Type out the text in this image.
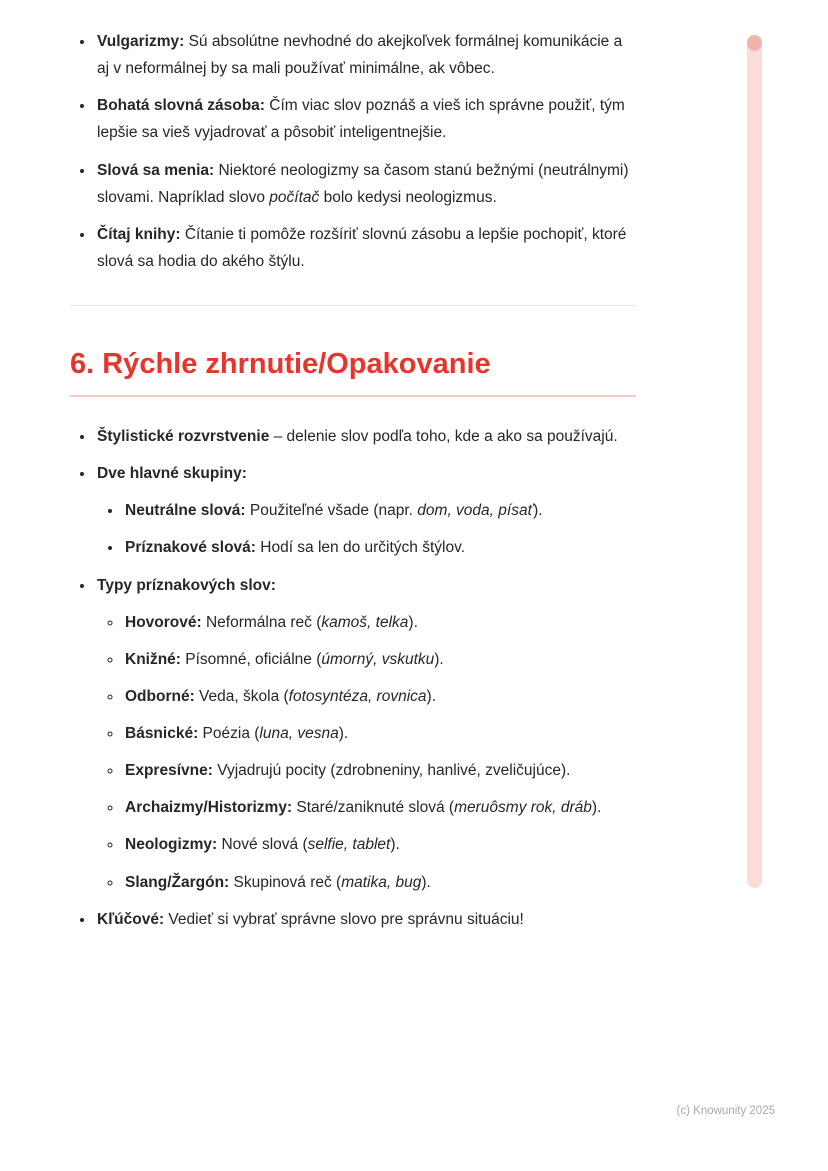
• Vulgarizmy: Sú absolútne nevhodné do akejkoľvek formálnej komunikácie a aj v neformálnej by sa mali používať minimálne, ak vôbec.
• Bohatá slovná zásoba: Čím viac slov poznáš a vieš ich správne použiť, tým lepšie sa vieš vyjadrovať a pôsobiť inteligentnejšie.
• Slová sa menia: Niektoré neologizmy sa časom stanú bežnými (neutrálnymi) slovami. Napríklad slovo počítač bolo kedysi neologizmus.
• Čítaj knihy: Čítanie ti pomôže rozšíriť slovnú zásobu a lepšie pochopiť, ktoré slová sa hodia do akého štýlu.
6. Rýchle zhrnutie/Opakovanie
• Štylistické rozvrstvenie – delenie slov podľa toho, kde a ako sa používajú.
• Dve hlavné skupiny:
• Neutrálne slová: Použiteľné všade (napr. dom, voda, písať).
• Príznakové slová: Hodí sa len do určitých štýlov.
• Typy príznakových slov:
◦ Hovorové: Neformálna reč (kamoš, telka).
◦ Knižné: Písomné, oficiálne (úmorný, vskutku).
◦ Odborné: Veda, škola (fotosyntéza, rovnica).
◦ Básnické: Poézia (luna, vesna).
◦ Expresívne: Vyjadrujú pocity (zdrobneniny, hanlivé, zveličujúce).
◦ Archaizmy/Historizmy: Staré/zaniknuté slová (meruôsmy rok, dráb).
◦ Neologizmy: Nové slová (selfie, tablet).
◦ Slang/Žargón: Skupinová reč (matika, bug).
• Kľúčové: Vedieť si vybrať správne slovo pre správnu situáciu!
(c) Knowunity 2025
